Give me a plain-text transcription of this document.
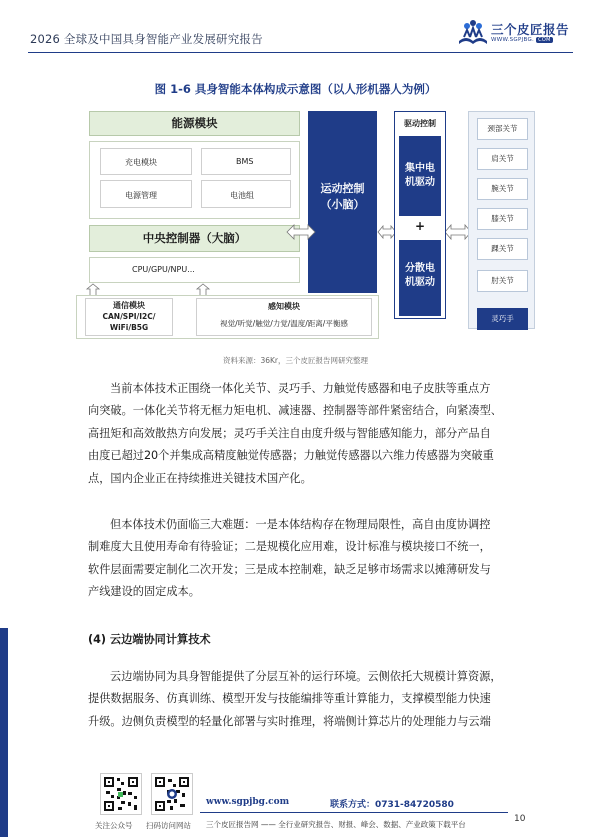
2026 全球及中国具身智能产业发展研究报告
三个皮匠报告
WWW.SGPJBG. COM
图 1-6 具身智能本体构成示意图（以人形机器人为例）
能源模块
充电模块	BMS
电源管理	电池组
中央控制器（大脑）
CPU/GPU/NPU...
通信模块
CAN/SPI/I2C/
WiFi/B5G
感知模块
视觉/听觉/触觉/力觉/温度/距离/平衡感
运动控制
（小脑）
驱动控制
集中电
机驱动
+
分散电
机驱动
颈部关节
肩关节
腕关节
膝关节
踝关节
肘关节
灵巧手
资料来源：36Kr，三个皮匠报告网研究整理
当前本体技术正围绕一体化关节、灵巧手、力触觉传感器和电子皮肤等重点方
向突破。一体化关节将无框力矩电机、减速器、控制器等部件紧密结合，向紧凑型、
高扭矩和高效散热方向发展；灵巧手关注自由度升级与智能感知能力，部分产品自
由度已超过20个并集成高精度触觉传感器；力触觉传感器以六维力传感器为突破重
点，国内企业正在持续推进关键技术国产化。
但本体技术仍面临三大难题：一是本体结构存在物理局限性，高自由度协调控
制难度大且使用寿命有待验证；二是规模化应用难，设计标准与模块接口不统一，
软件层面需要定制化二次开发；三是成本控制难，缺乏足够市场需求以摊薄研发与
产线建设的固定成本。
(4) 云边端协同计算技术
云边端协同为具身智能提供了分层互补的运行环境。云侧依托大规模计算资源，
提供数据服务、仿真训练、模型开发与技能编排等重计算能力，支撑模型能力快速
升级。边侧负责模型的轻量化部署与实时推理，将端侧计算芯片的处理能力与云端
关注公众号 扫码访问网站
www.sgpjbg.com	联系方式：0731-84720580
三个皮匠报告网 —— 全行业研究报告、财报、峰会、数据、产业政策下载平台
10
